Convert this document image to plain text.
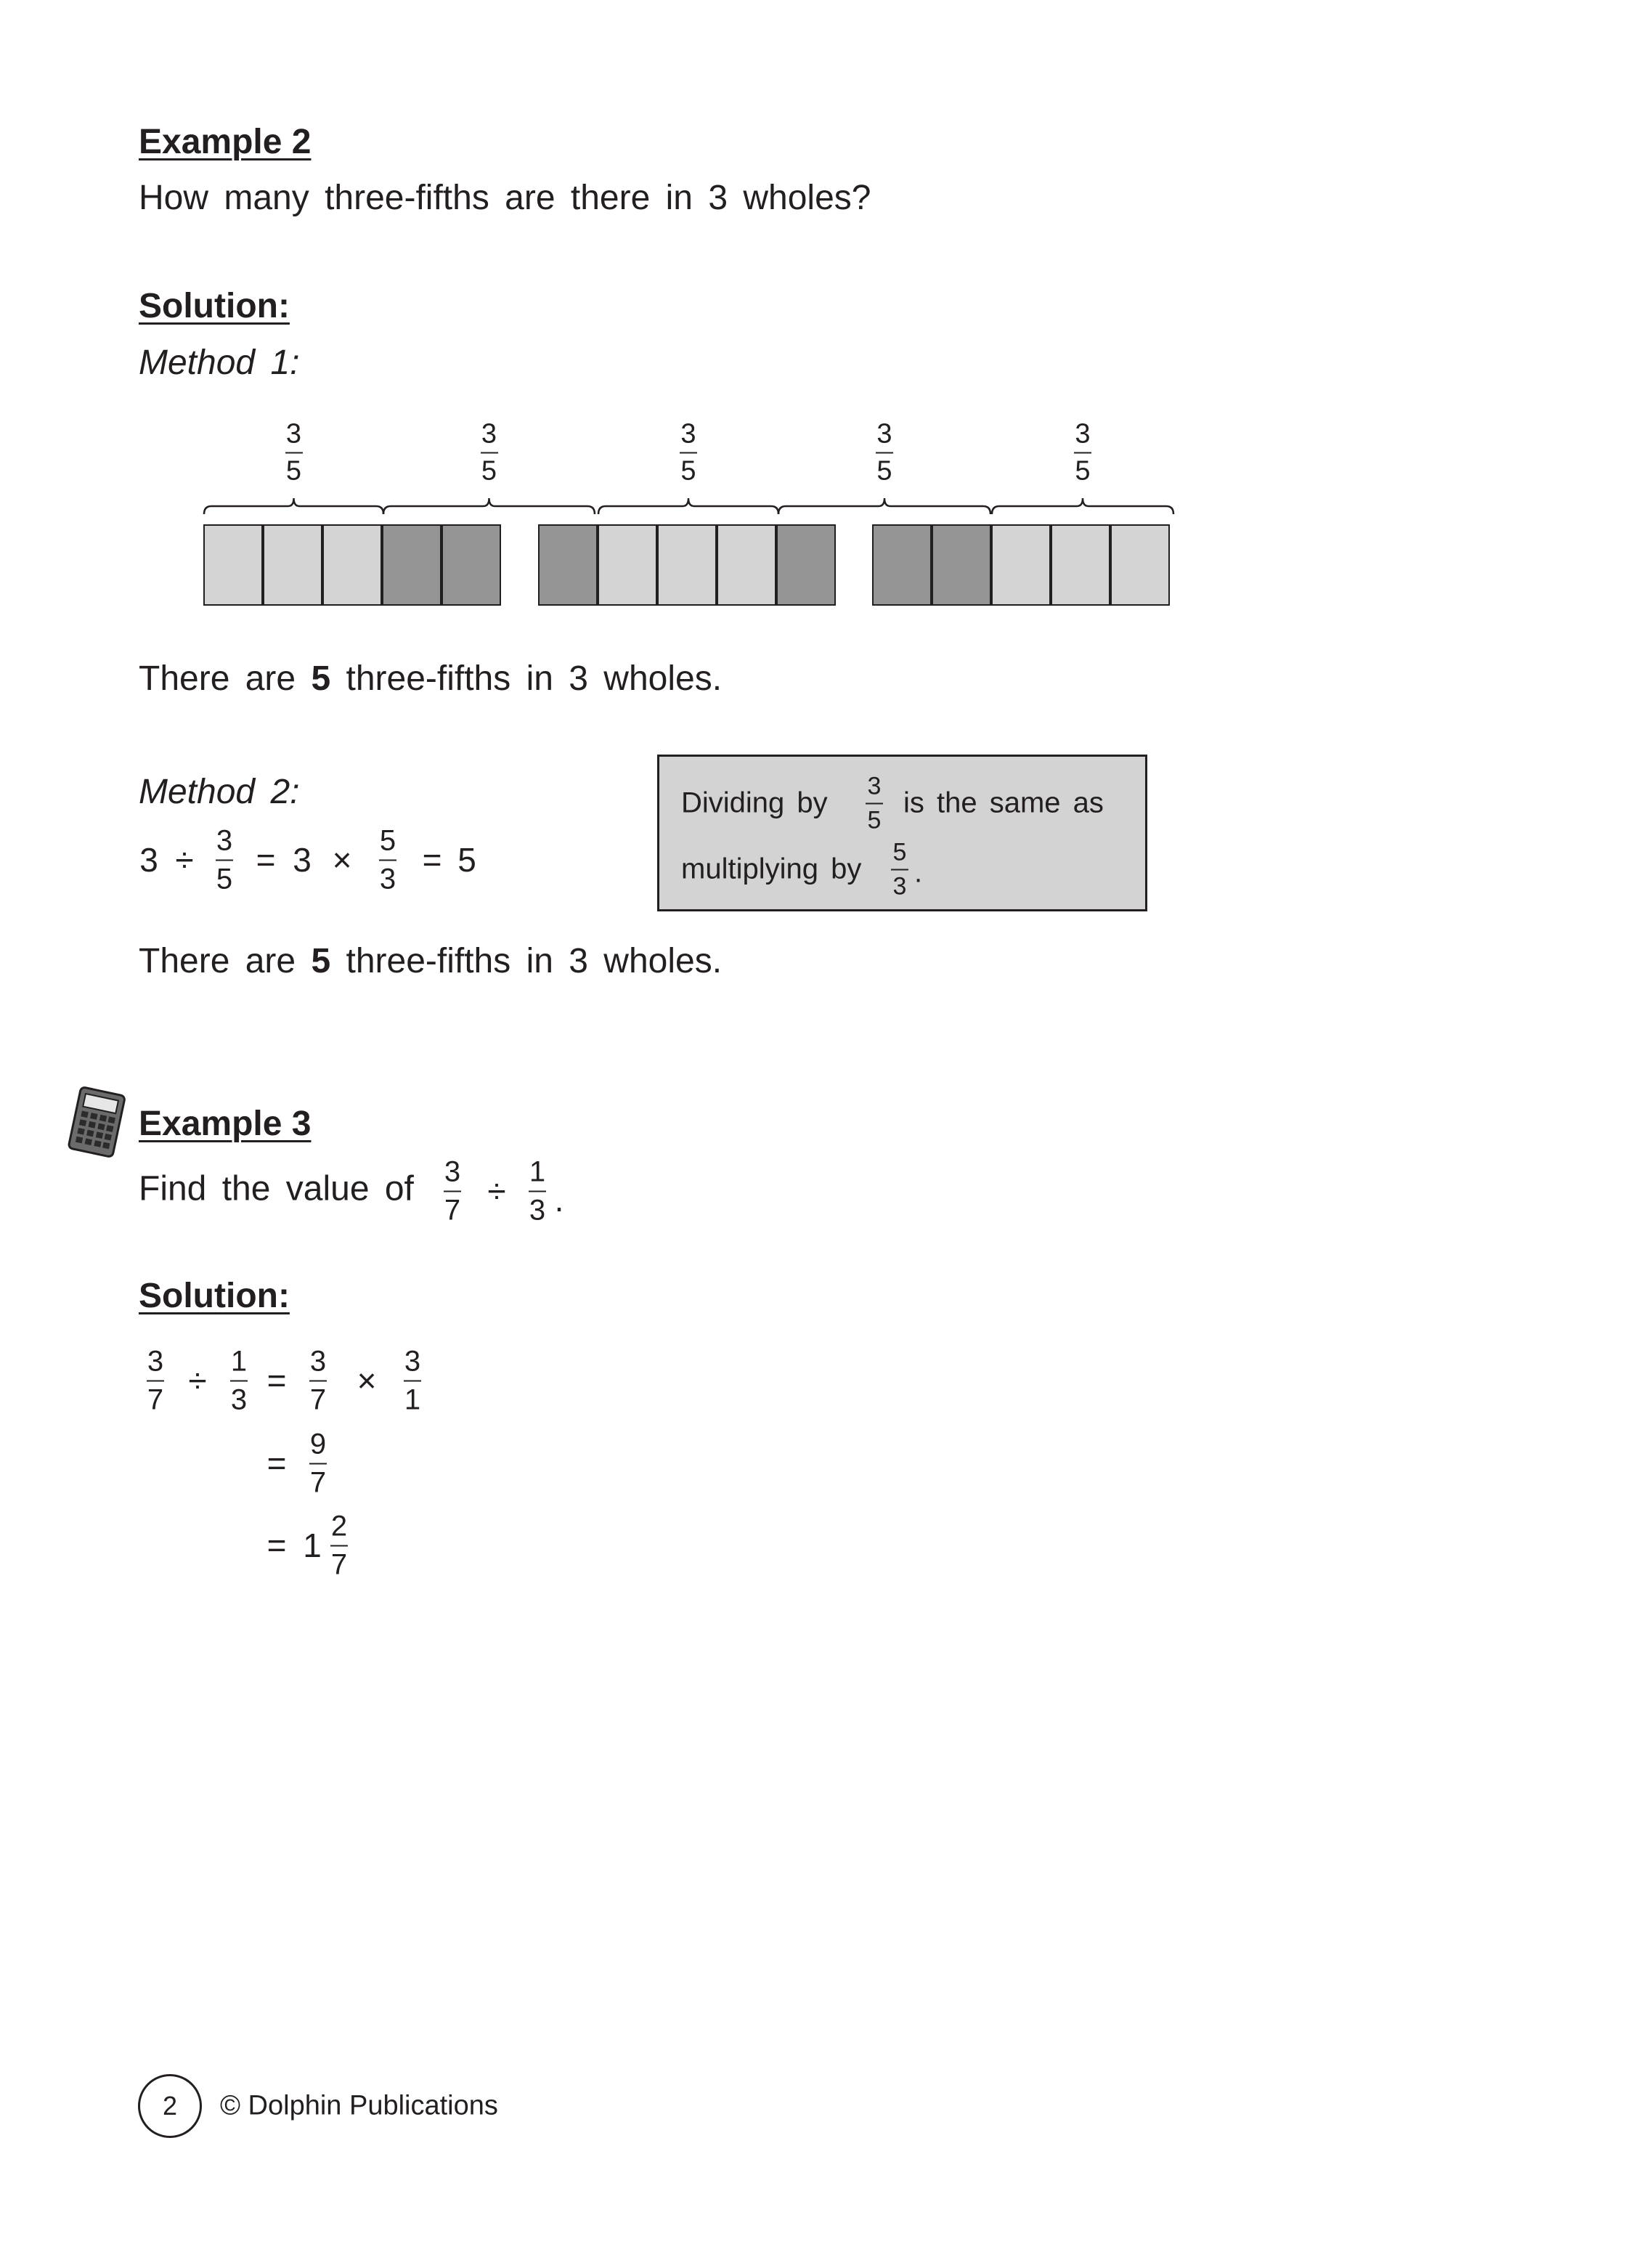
Example 2
How many three-fifths are there in 3 wholes?
Solution:
Method 1:
3
5
3
5
3
5
3
5
3
5
There are 5 three-fifths in 3 wholes.
Method 2:
3 ÷
3
5
= 3 ×
5
3
= 5
Dividing by
3
5
is the same as
multiplying by
5
3 .
There are 5 three-fifths in 3 wholes.
Example 3
Find the value of 3
7
÷
1
3 .
Solution:
3
7
÷
1
3
=
3
7
×
3
1
=
9
7
= 1
2
7
2	© Dolphin Publications
